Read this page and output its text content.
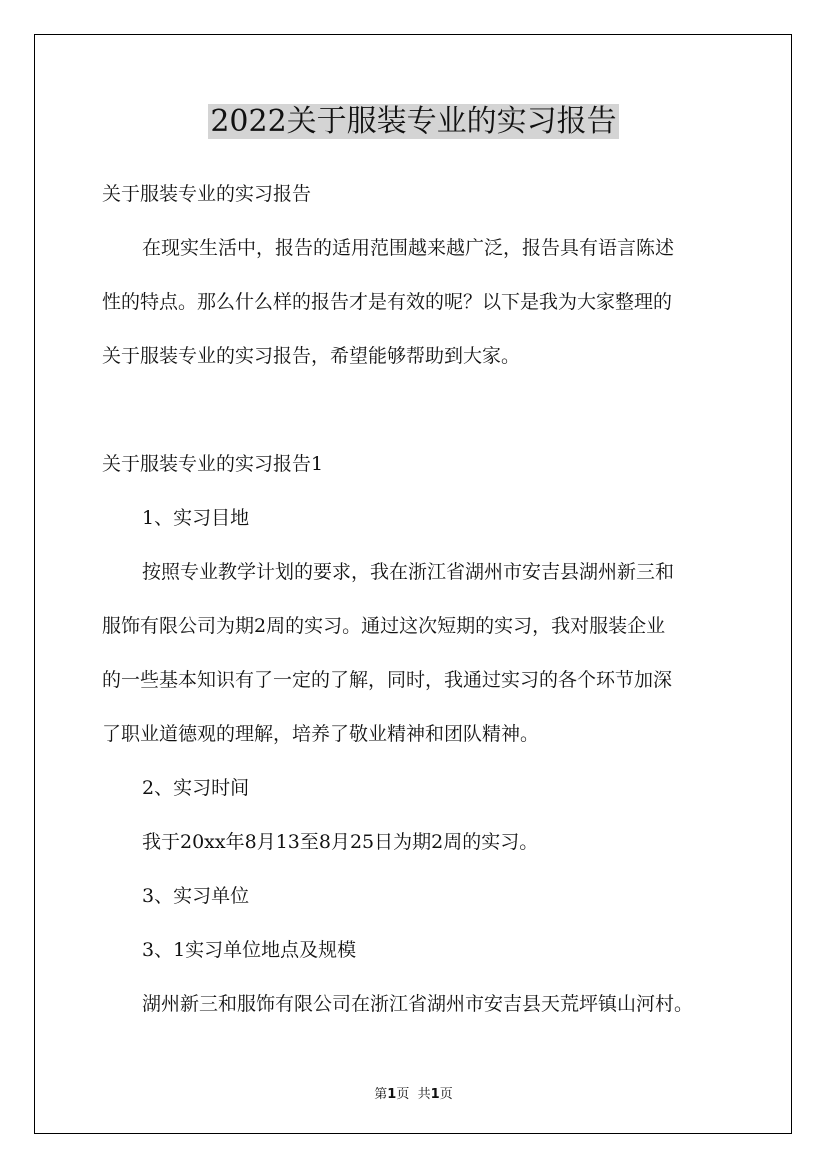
2022关于服装专业的实习报告
关于服装专业的实习报告
在现实生活中，报告的适用范围越来越广泛，报告具有语言陈述
性的特点。那么什么样的报告才是有效的呢？以下是我为大家整理的
关于服装专业的实习报告，希望能够帮助到大家。
关于服装专业的实习报告1
1、实习目地
按照专业教学计划的要求，我在浙江省湖州市安吉县湖州新三和
服饰有限公司为期2周的实习。通过这次短期的实习，我对服装企业
的一些基本知识有了一定的了解，同时，我通过实习的各个环节加深
了职业道德观的理解，培养了敬业精神和团队精神。
2、实习时间
我于20xx年8月13至8月25日为期2周的实习。
3、实习单位
3、1实习单位地点及规模
湖州新三和服饰有限公司在浙江省湖州市安吉县天荒坪镇山河村。
第1页 共1页
